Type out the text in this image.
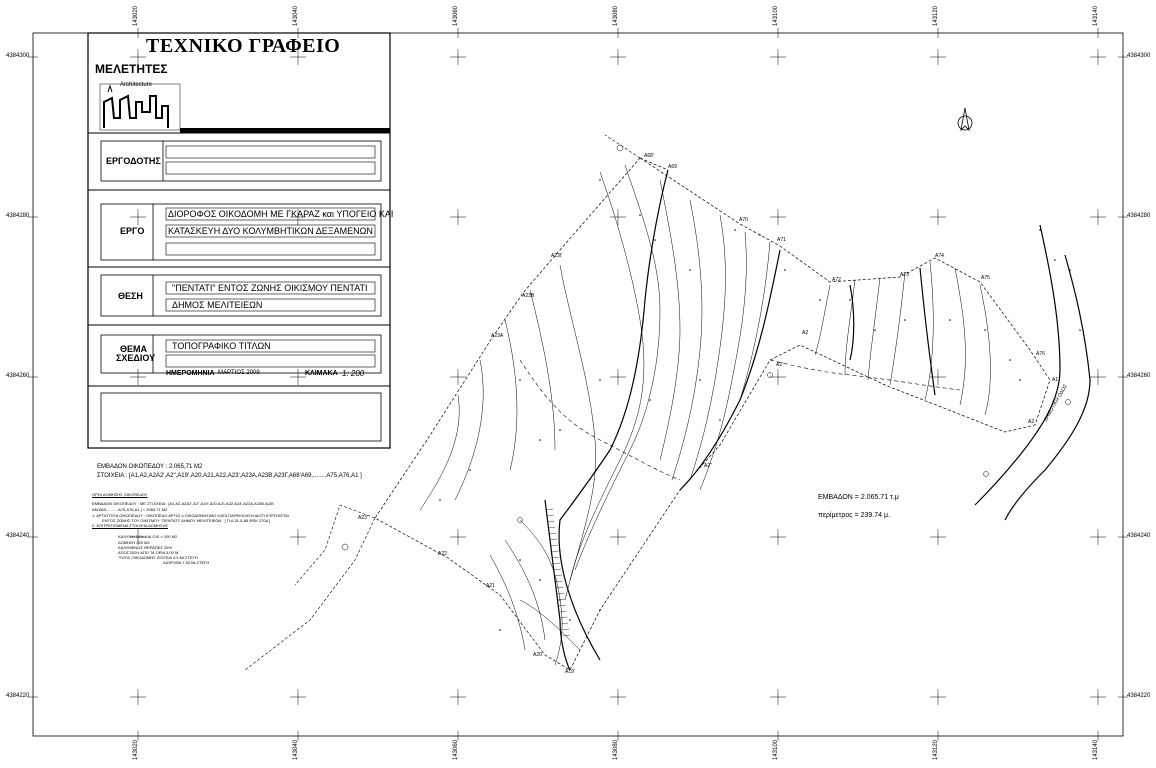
143020	143040	143060	143080	143100	143120	143140
143020	143040	143060	143080	143100	143120	143140
4384300
4384280
4384260
4384240
4384220
4384300
4384280
4384260
4384240
4384220
ΤΕΧΝΙΚΟ ΓΡΑΦΕΙΟ
ΜΕΛΕΤΗΤΕΣ
Architecture
ΕΡΓΟΔΟΤΗΣ
ΕΡΓΟ
ΔΙΟΡΟΦΟΣ ΟΙΚΟΔΟΜΗ ΜΕ ΓΚΑΡΑΖ και ΥΠΟΓΕΙΟ ΚΑΙ
ΚΑΤΑΣΚΕΥΗ ΔΥΟ ΚΟΛΥΜΒΗΤΙΚΩΝ ΔΕΞΑΜΕΝΩΝ
ΘΕΣΗ
"ΠΕΝΤΑΤΙ" ΕΝΤΟΣ ΖΩΝΗΣ ΟΙΚΙΣΜΟΥ ΠΕΝΤΑΤΙ
ΔΗΜΟΣ ΜΕΛΙΤΕΙΕΩΝ
ΘΕΜΑ
ΣΧΕΔΙΟΥ
ΤΟΠΟΓΡΑΦΙΚΟ ΤΙΤΛΩΝ
ΗΜΕΡΟΜΗΝΙΑ ΜΑΡΤΙΟΣ 2009	ΚΛΙΜΑΚΑ 1: 200
ΕΜΒΑΔΟΝ ΟΙΚΟΠΕΔΟΥ : 2.065,71 Μ2
ΣΤΟΙΧΕΙΑ : [Α1,Α2,Α2Α2',Α2",Α19',Α20,Α21,Α22,Α23',Α23Α,Α23Β,Α23Γ,Α68'Α69,........Α75,Α76,Α1 ]
ΟΡΟΙ ΔΟΜΗΣΗΣ ΟΙΚΟΠΕΔΟΥ
ΕΜΒΑΔΟΝ ΟΙΚΟΠΕΔΟΥ : ΜΕ ΣΤΟΙΧΕΙΑ : [Α1,Α2,Α2Α2',Α2",Α19',Α20,Α21,Α22,Α23',Α23Α,Α23Β,Α23Γ,
ΑΜ'Α69,..........Α75,Α76,Α1 ] = 2065,71 Μ2
1. ΑΡΤΙΟΤΗΤΑ ΟΙΚΟΠΕΔΟΥ : ΟΙΚΟΠΕΔΟ ΑΡΤΙΟ ο ΟΙΚΟΔΟΜΗΣΙΜΟ ΚΑΤΑ ΠΑΡΕΚΚΛΙΣΗ ΔΙΟΤΙ ΕΥΡΙΣΚΕΤΑΙ
ΕΝΤΟΣ ΖΩΝΗΣ ΤΟΥ ΟΙΚΙΣΜΟΥ "ΠΕΝΤΑΤΙ" ΔΗΜΟΥ ΜΕΛΙΤΕΙΕΩΝ . [ Π.Δ 31-5-85 ΦΕΚ 270Δ ]
2. ΕΠΙΤΡΕΠΟΜΕΝΑ ΣΤΟΙΧΕΙΑ ΔΟΜΗΣΗΣ
ΚΑΛΥΨΗ 10% ΚΑΙ ΟΧΙ > 200 Μ2
ΔΟΜΗΣΗ 200 Μ2
ΚΑΛΥΜΕΝΟΣ ΘΕΡΑΠΕΣ 20%
ΑΠΟΣΤΑΣΗ ΑΠΟ ΤΑ ΟΡΙΑ 5,00 Μ
ΎΨΟΣ ΟΙΚΟΔΟΜΗΣ ΙΣΟΓΕΙΑ 4.5 Μι ΣΤΕΓΗ
ΔΙΟΡΟΦΑ 7,50 Μι ΣΤΕΓΗ
ΕΜΒΑΔΟΝ = 2.065.71 τ.μ
περίμετρος = 239.74 μ.
Α68'
Α69
Α70
Α71
Α72
Α73
Α74
Α75
Α76
Α1
Α2
Α2
Α2'
Α2"
Α19'
Α20
Α21
Α22
Α23'
Α23Α
Α23Β
Α23Γ
ΔΗΜΟΤΙΚΗ ΟΔΟΣ
